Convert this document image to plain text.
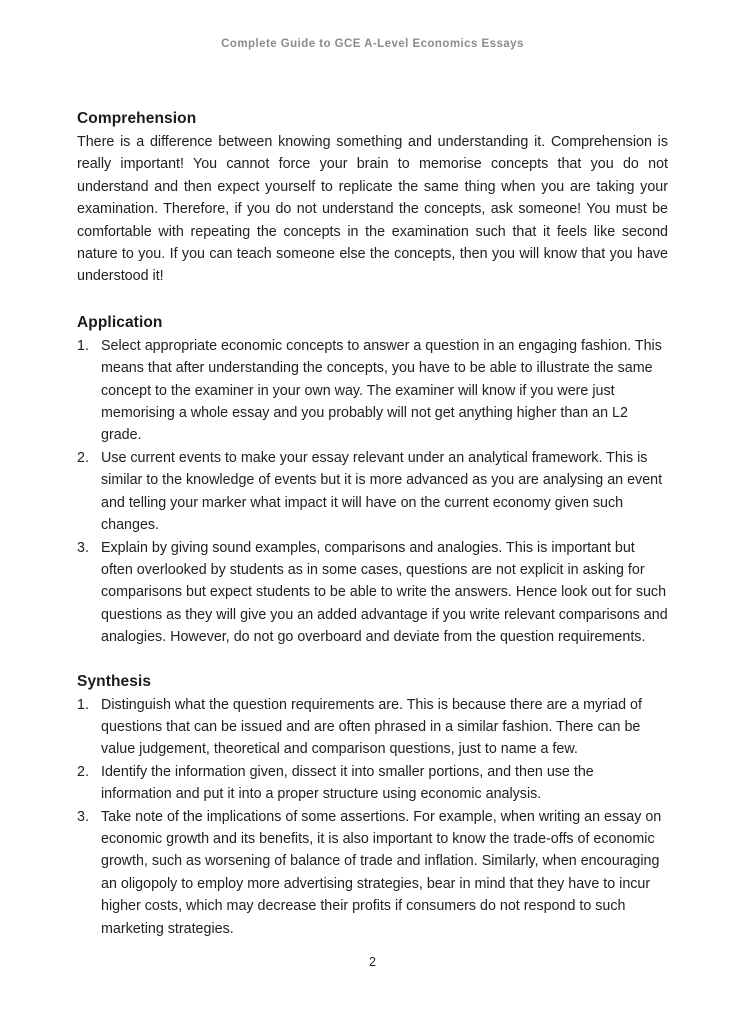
Complete Guide to GCE A-Level Economics Essays
Comprehension

There is a difference between knowing something and understanding it. Comprehension is really important! You cannot force your brain to memorise concepts that you do not understand and then expect yourself to replicate the same thing when you are taking your examination. Therefore, if you do not understand the concepts, ask someone! You must be comfortable with repeating the concepts in the examination such that it feels like second nature to you. If you can teach someone else the concepts, then you will know that you have understood it!

Application
1. Select appropriate economic concepts to answer a question in an engaging fashion. This means that after understanding the concepts, you have to be able to illustrate the same concept to the examiner in your own way. The examiner will know if you were just memorising a whole essay and you probably will not get anything higher than an L2 grade.
2. Use current events to make your essay relevant under an analytical framework. This is similar to the knowledge of events but it is more advanced as you are analysing an event and telling your marker what impact it will have on the current economy given such changes.
3. Explain by giving sound examples, comparisons and analogies. This is important but often overlooked by students as in some cases, questions are not explicit in asking for comparisons but expect students to be able to write the answers. Hence look out for such questions as they will give you an added advantage if you write relevant comparisons and analogies. However, do not go overboard and deviate from the question requirements.
Synthesis
1. Distinguish what the question requirements are. This is because there are a myriad of questions that can be issued and are often phrased in a similar fashion. There can be value judgement, theoretical and comparison questions, just to name a few.
2. Identify the information given, dissect it into smaller portions, and then use the information and put it into a proper structure using economic analysis.
3. Take note of the implications of some assertions. For example, when writing an essay on economic growth and its benefits, it is also important to know the trade-offs of economic growth, such as worsening of balance of trade and inflation. Similarly, when encouraging an oligopoly to employ more advertising strategies, bear in mind that they have to incur higher costs, which may decrease their profits if consumers do not respond to such marketing strategies.
2
